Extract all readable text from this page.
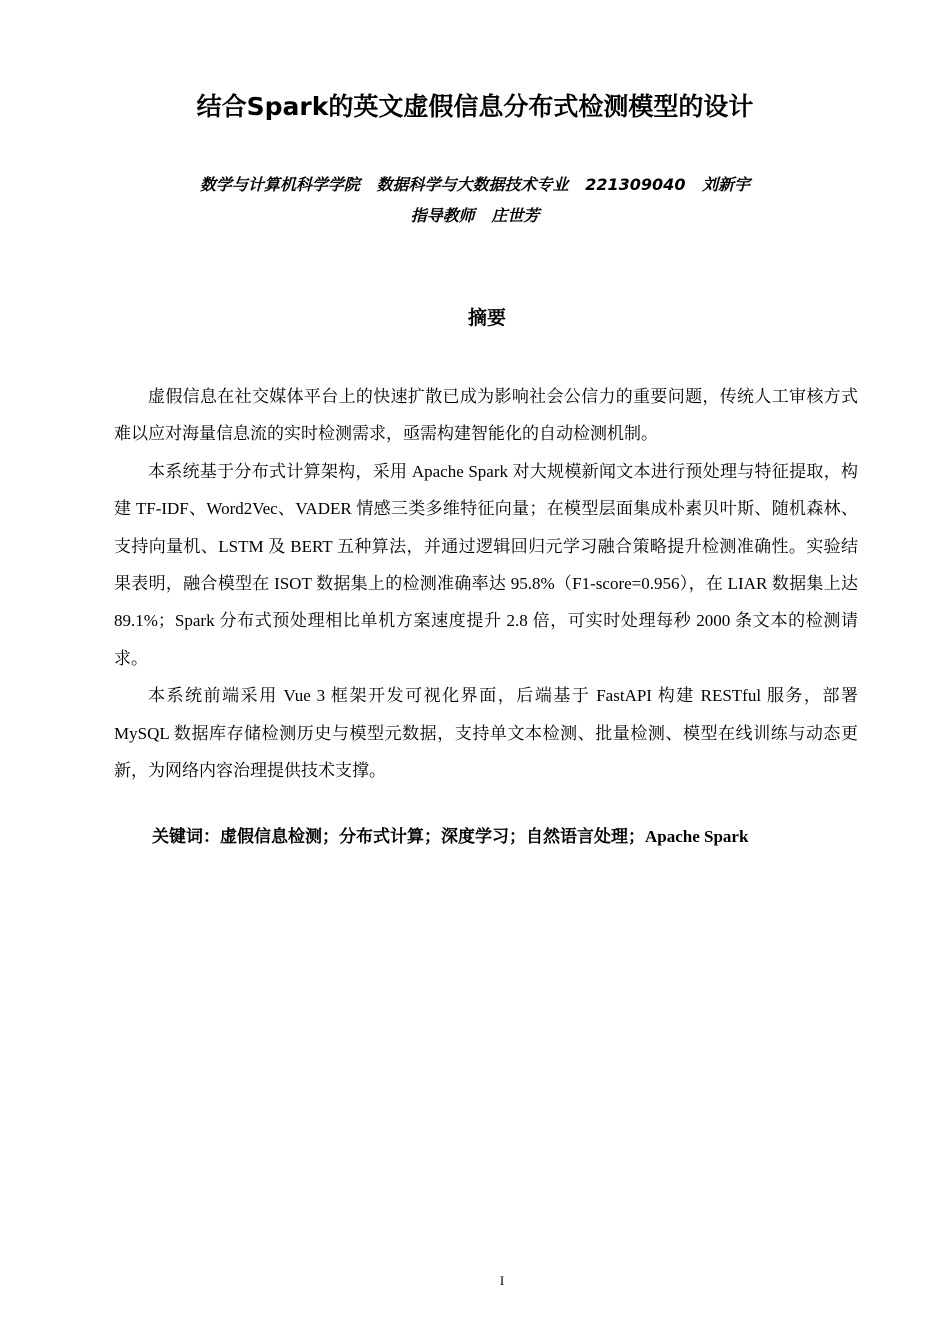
结合Spark的英文虚假信息分布式检测模型的设计

数学与计算机科学学院   数据科学与大数据技术专业   221309040   刘新宇

指导教师   庄世芳

摘要

虚假信息在社交媒体平台上的快速扩散已成为影响社会公信力的重要问题，传统人工审核方式难以应对海量信息流的实时检测需求，亟需构建智能化的自动检测机制。

本系统基于分布式计算架构，采用 Apache Spark 对大规模新闻文本进行预处理与特征提取，构建 TF-IDF、Word2Vec、VADER 情感三类多维特征向量；在模型层面集成朴素贝叶斯、随机森林、支持向量机、LSTM 及 BERT 五种算法，并通过逻辑回归元学习融合策略提升检测准确性。实验结果表明，融合模型在 ISOT 数据集上的检测准确率达 95.8%（F1-score=0.956），在 LIAR 数据集上达 89.1%；Spark 分布式预处理相比单机方案速度提升 2.8 倍，可实时处理每秒 2000 条文本的检测请求。

本系统前端采用 Vue 3 框架开发可视化界面，后端基于 FastAPI 构建 RESTful 服务，部署 MySQL 数据库存储检测历史与模型元数据，支持单文本检测、批量检测、模型在线训练与动态更新，为网络内容治理提供技术支撑。

关键词：虚假信息检测；分布式计算；深度学习；自然语言处理；Apache Spark

I
